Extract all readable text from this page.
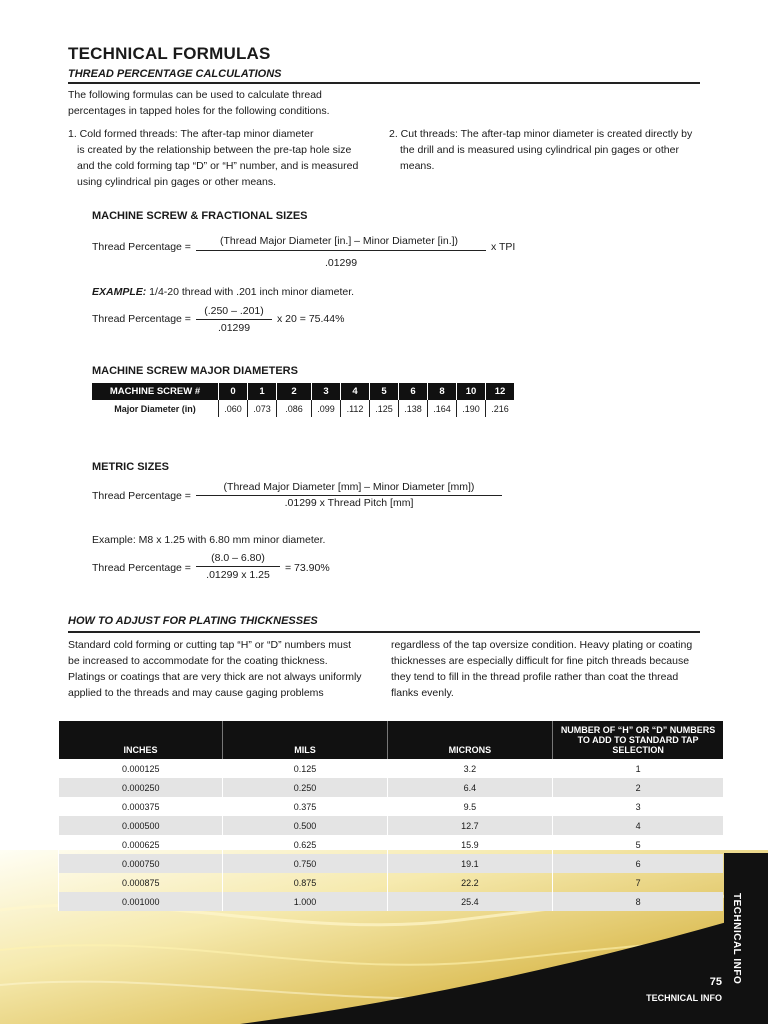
TECHNICAL FORMULAS
THREAD PERCENTAGE CALCULATIONS
The following formulas can be used to calculate thread
percentages in tapped holes for the following conditions.
1. Cold formed threads: The after-tap minor diameter
is created by the relationship between the pre-tap hole size
and the cold forming tap “D” or “H” number, and is measured
using cylindrical pin gages or other means.
2. Cut threads: The after-tap minor diameter is created directly by
the drill and is measured using cylindrical pin gages or other
means.
MACHINE SCREW & FRACTIONAL SIZES
Thread Percentage =	(Thread Major Diameter [in.] – Minor Diameter [in.])
.01299
x TPI
EXAMPLE: 1/4-20 thread with .201 inch minor diameter.
Thread Percentage =
(.250 – .201)
.01299
x 20 = 75.44%
MACHINE SCREW MAJOR DIAMETERS
MACHINE SCREW #	0	1	2	3	4	5	6	8	10	12
Major Diameter (in)	.060	.073	.086	.099	.112	.125	.138	.164	.190	.216
METRIC SIZES
Thread Percentage =
(Thread Major Diameter [mm] – Minor Diameter [mm])
.01299 x Thread Pitch [mm]
Example: M8 x 1.25 with 6.80 mm minor diameter.
Thread Percentage =
(8.0 – 6.80)
.01299 x 1.25
= 73.90%
HOW TO ADJUST FOR PLATING THICKNESSES
Standard cold forming or cutting tap “H” or “D” numbers must
be increased to accommodate for the coating thickness.
Platings or coatings that are very thick are not always uniformly
applied to the threads and may cause gaging problems
regardless of the tap oversize condition. Heavy plating or coating
thicknesses are especially difficult for fine pitch threads because
they tend to fill in the thread profile rather than coat the thread
flanks evenly.
INCHES	MILS	MICRONS	NUMBER OF “H” OR “D” NUMBERS TO ADD TO STANDARD TAP SELECTION
0.000125	0.125	3.2	1
0.000250	0.250	6.4	2
0.000375	0.375	9.5	3
0.000500	0.500	12.7	4
0.000625	0.625	15.9	5
0.000750	0.750	19.1	6
0.000875	0.875	22.2	7
0.001000	1.000	25.4	8	TECHNICAL INFO
75
TECHNICAL INFO
